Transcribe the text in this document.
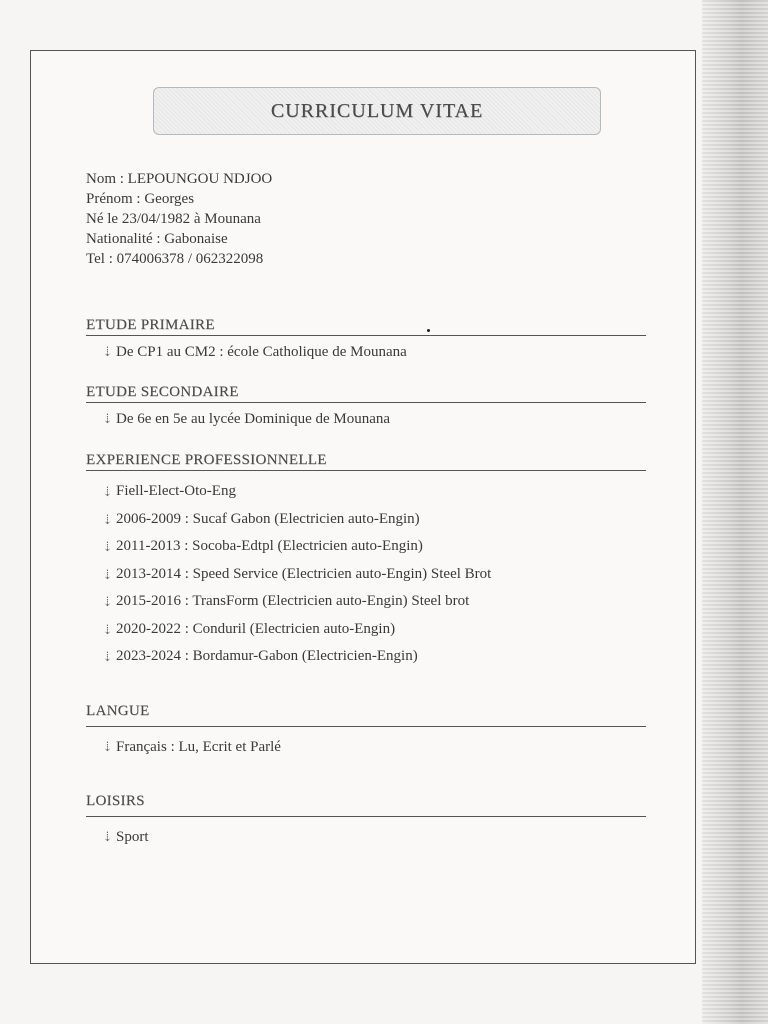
CURRICULUM VITAE
Nom : LEPOUNGOU NDJOO
Prénom : Georges
Né le 23/04/1982 à Mounana
Nationalité : Gabonaise
Tel : 074006378 / 062322098
ETUDE PRIMAIRE
⇣ De CP1 au CM2 : école Catholique de Mounana
ETUDE SECONDAIRE
⇣ De 6e en 5e au lycée Dominique de Mounana
EXPERIENCE PROFESSIONNELLE
⇣ Fiell-Elect-Oto-Eng
⇣ 2006-2009 : Sucaf Gabon (Electricien auto-Engin)
⇣ 2011-2013 : Socoba-Edtpl (Electricien auto-Engin)
⇣ 2013-2014 : Speed Service (Electricien auto-Engin) Steel Brot
⇣ 2015-2016 : TransForm (Electricien auto-Engin) Steel brot
⇣ 2020-2022 : Conduril (Electricien auto-Engin)
⇣ 2023-2024 : Bordamur-Gabon (Electricien-Engin)
LANGUE
⇣ Français : Lu, Ecrit et Parlé
LOISIRS
⇣ Sport
